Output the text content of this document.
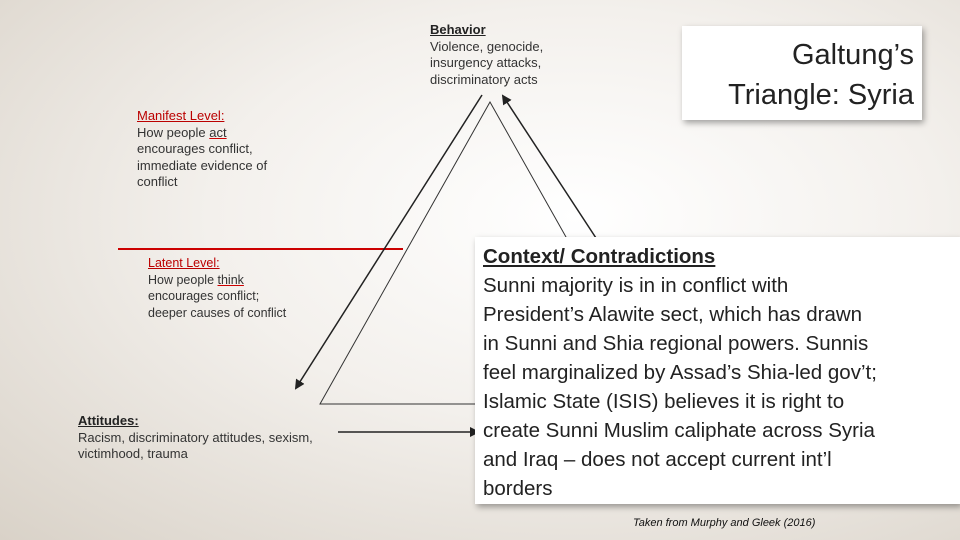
Behavior
Violence, genocide,
insurgency attacks,
discriminatory acts
Galtung’s
Triangle: Syria
Manifest Level:
How people act
encourages conflict,
immediate evidence of
conflict
Latent Level:
How people think
encourages conflict;
deeper causes of conflict
Attitudes:
Racism, discriminatory attitudes, sexism,
victimhood, trauma
Context/ Contradictions
Sunni majority is in in conflict with
President’s Alawite sect, which has drawn
in Sunni and Shia regional powers. Sunnis
feel marginalized by Assad’s Shia-led gov’t;
Islamic State (ISIS) believes it is right to
create Sunni Muslim caliphate across Syria
and Iraq – does not accept current int’l
borders
Taken from Murphy and Gleek (2016)
